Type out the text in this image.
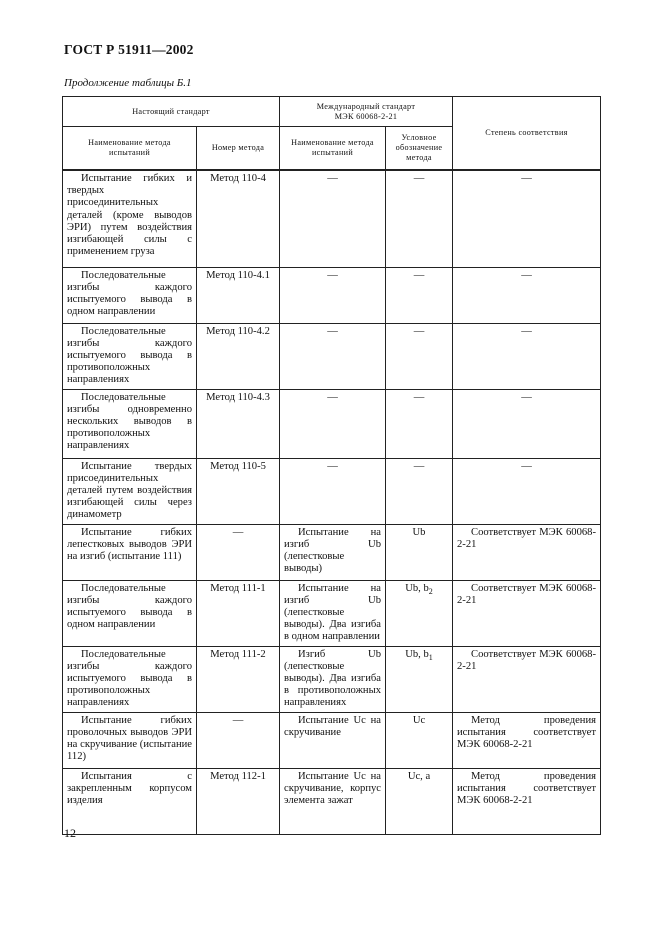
ГОСТ Р 51911—2002
Продолжение таблицы Б.1
Настоящий стандарт		Международный стандарт
МЭК 60068-2-21		Степень соответствия
Наименование метода испытаний	Номер метода	Наименование метода испытаний	Условное обозначение метода	
Испытание гибких и твердых присоединительных деталей (кроме выводов ЭРИ) путем воздействия изгибающей силы с применением груза	Метод 110-4	—	—	—
Последовательные изгибы каждого испытуемого вывода в одном направлении	Метод 110-4.1	—	—	—
Последовательные изгибы каждого испытуемого вывода в противоположных направлениях	Метод 110-4.2	—	—	—
Последовательные изгибы одновременно нескольких выводов в противоположных направлениях	Метод 110-4.3	—	—	—
Испытание твердых присоединительных деталей путем воздействия изгибающей силы через динамометр	Метод 110-5	—	—	—
Испытание гибких лепестковых выводов ЭРИ на изгиб (испытание 111)	—	Испытание на изгиб Ub (лепестковые выводы)	Ub	Соответствует МЭК 60068-2-21
Последовательные изгибы каждого испытуемого вывода в одном направлении	Метод 111-1	Испытание на изгиб Ub (лепестковые выводы). Два изгиба в одном направлении	Ub, $b_2$	Соответствует МЭК 60068-2-21
Последовательные изгибы каждого испытуемого вывода в противоположных направлениях	Метод 111-2	Изгиб Ub (лепестковые выводы). Два изгиба в противоположных направлениях	Ub, $b_1$	Соответствует МЭК 60068-2-21
Испытание гибких проволочных выводов ЭРИ на скручивание (испытание 112)	—	Испытание Uc на скручивание	Uc	Метод проведения испытания соответствует МЭК 60068-2-21
Испытания с закрепленным корпусом изделия	Метод 112-1	Испытание Uc на скручивание, корпус элемента зажат	Uc, a	Метод проведения испытания соответствует МЭК 60068-2-21
12
